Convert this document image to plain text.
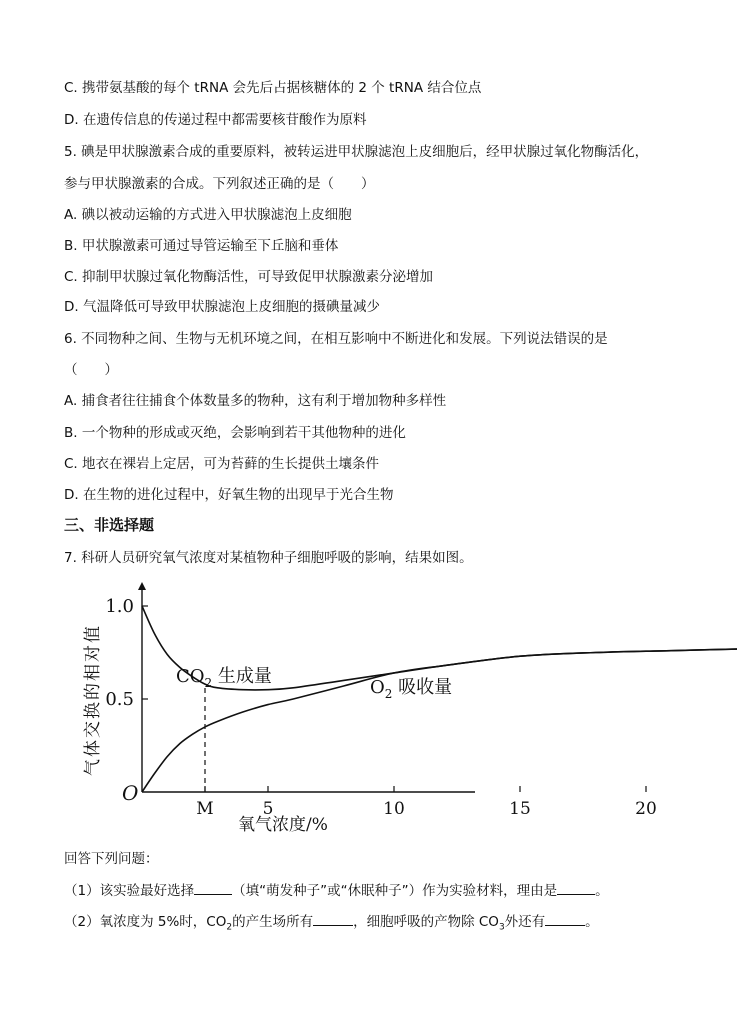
C. 携带氨基酸的每个 tRNA 会先后占据核糖体的 2 个 tRNA 结合位点
D. 在遗传信息的传递过程中都需要核苷酸作为原料
5. 碘是甲状腺激素合成的重要原料，被转运进甲状腺滤泡上皮细胞后，经甲状腺过氧化物酶活化，
参与甲状腺激素的合成。下列叙述正确的是（　　）
A. 碘以被动运输的方式进入甲状腺滤泡上皮细胞
B. 甲状腺激素可通过导管运输至下丘脑和垂体
C. 抑制甲状腺过氧化物酶活性，可导致促甲状腺激素分泌增加
D. 气温降低可导致甲状腺滤泡上皮细胞的摄碘量减少
6. 不同物种之间、生物与无机环境之间，在相互影响中不断进化和发展。下列说法错误的是
（　　）
A. 捕食者往往捕食个体数量多的物种，这有利于增加物种多样性
B. 一个物种的形成或灭绝，会影响到若干其他物种的进化
C. 地衣在裸岩上定居，可为苔藓的生长提供土壤条件
D. 在生物的进化过程中，好氧生物的出现早于光合生物
三、非选择题
7. 科研人员研究氧气浓度对某植物种子细胞呼吸的影响，结果如图。
O
0.5
1.0
M	5	10	15	20
$CO_2$ 生成量
$O_2$ 吸收量
气体交换的相对值
氧气浓度/%
回答下列问题：
（1）该实验最好选择	（填“萌发种子”或“休眠种子”）作为实验材料，理由是	。
（2）氧浓度为 5%时，$CO_2$的产生场所有	，细胞呼吸的产物除 $CO_3$外还有	。
